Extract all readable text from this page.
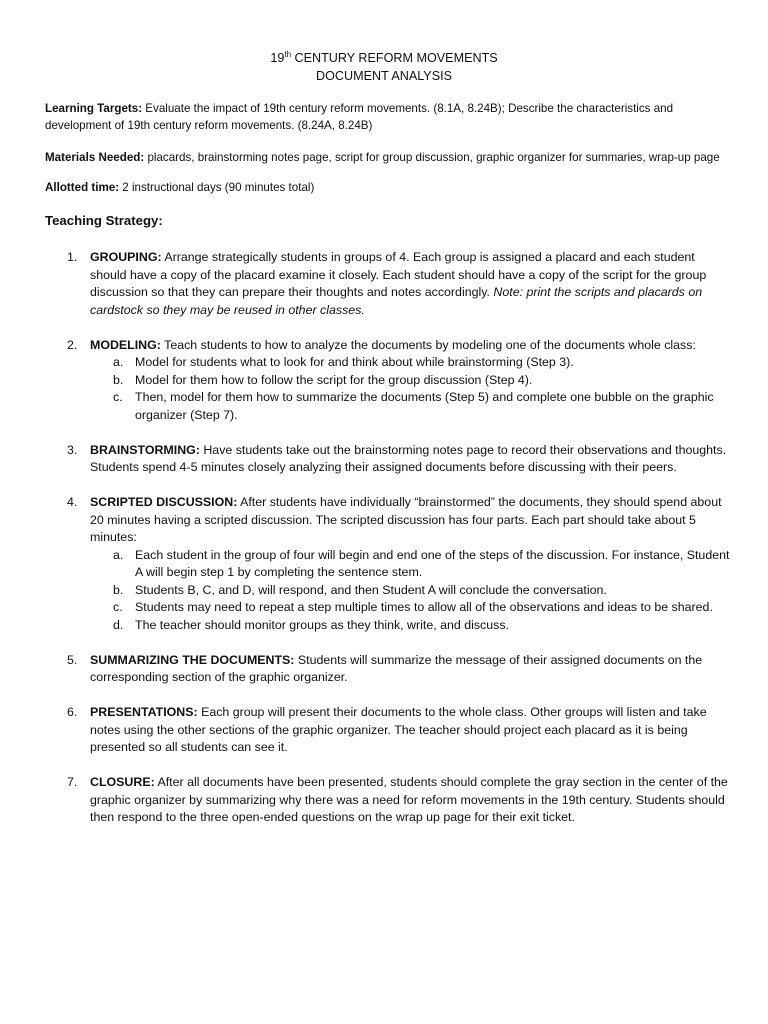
19th CENTURY REFORM MOVEMENTS
DOCUMENT ANALYSIS
Learning Targets: Evaluate the impact of 19th century reform movements. (8.1A, 8.24B); Describe the characteristics and development of 19th century reform movements. (8.24A, 8.24B)
Materials Needed: placards, brainstorming notes page, script for group discussion, graphic organizer for summaries, wrap-up page
Allotted time: 2 instructional days (90 minutes total)
Teaching Strategy:
1. GROUPING: Arrange strategically students in groups of 4. Each group is assigned a placard and each student should have a copy of the placard examine it closely. Each student should have a copy of the script for the group discussion so that they can prepare their thoughts and notes accordingly. Note: print the scripts and placards on cardstock so they may be reused in other classes.
2. MODELING: Teach students to how to analyze the documents by modeling one of the documents whole class:
a. Model for students what to look for and think about while brainstorming (Step 3).
b. Model for them how to follow the script for the group discussion (Step 4).
c. Then, model for them how to summarize the documents (Step 5) and complete one bubble on the graphic organizer (Step 7).
3. BRAINSTORMING: Have students take out the brainstorming notes page to record their observations and thoughts. Students spend 4-5 minutes closely analyzing their assigned documents before discussing with their peers.
4. SCRIPTED DISCUSSION: After students have individually “brainstormed” the documents, they should spend about 20 minutes having a scripted discussion. The scripted discussion has four parts. Each part should take about 5 minutes:
a. Each student in the group of four will begin and end one of the steps of the discussion. For instance, Student A will begin step 1 by completing the sentence stem.
b. Students B, C, and D, will respond, and then Student A will conclude the conversation.
c. Students may need to repeat a step multiple times to allow all of the observations and ideas to be shared.
d. The teacher should monitor groups as they think, write, and discuss.
5. SUMMARIZING THE DOCUMENTS: Students will summarize the message of their assigned documents on the corresponding section of the graphic organizer.
6. PRESENTATIONS: Each group will present their documents to the whole class. Other groups will listen and take notes using the other sections of the graphic organizer. The teacher should project each placard as it is being presented so all students can see it.
7. CLOSURE: After all documents have been presented, students should complete the gray section in the center of the graphic organizer by summarizing why there was a need for reform movements in the 19th century. Students should then respond to the three open-ended questions on the wrap up page for their exit ticket.
